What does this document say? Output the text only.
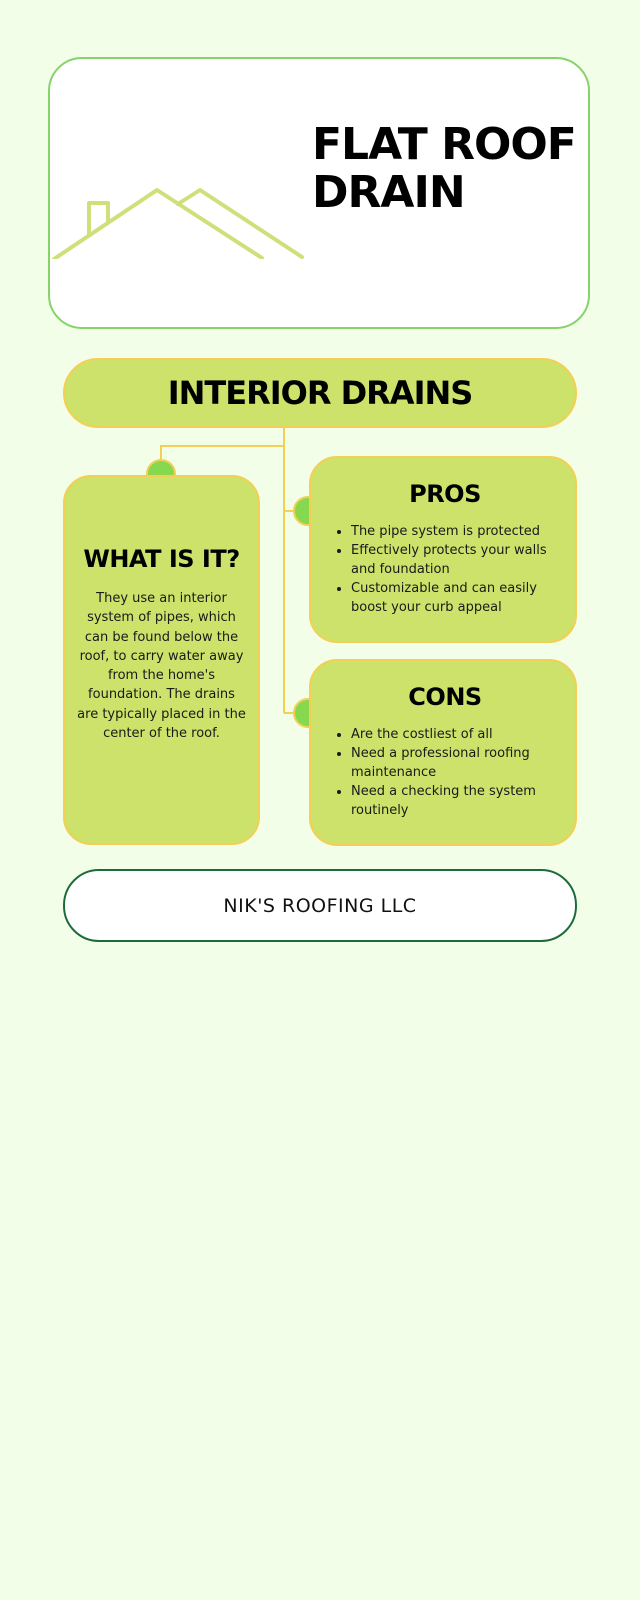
FLAT ROOF
DRAIN
INTERIOR DRAINS
WHAT IS IT?

They use an interior system of pipes, which can be found below the roof, to carry water away from the home's foundation. The drains are typically placed in the center of the roof.

PROS
• The pipe system is protected
• Effectively protects your walls and foundation
• Customizable and can easily boost your curb appeal
CONS
• Are the costliest of all
• Need a professional roofing maintenance
• Need a checking the system routinely
NIK'S ROOFING LLC
